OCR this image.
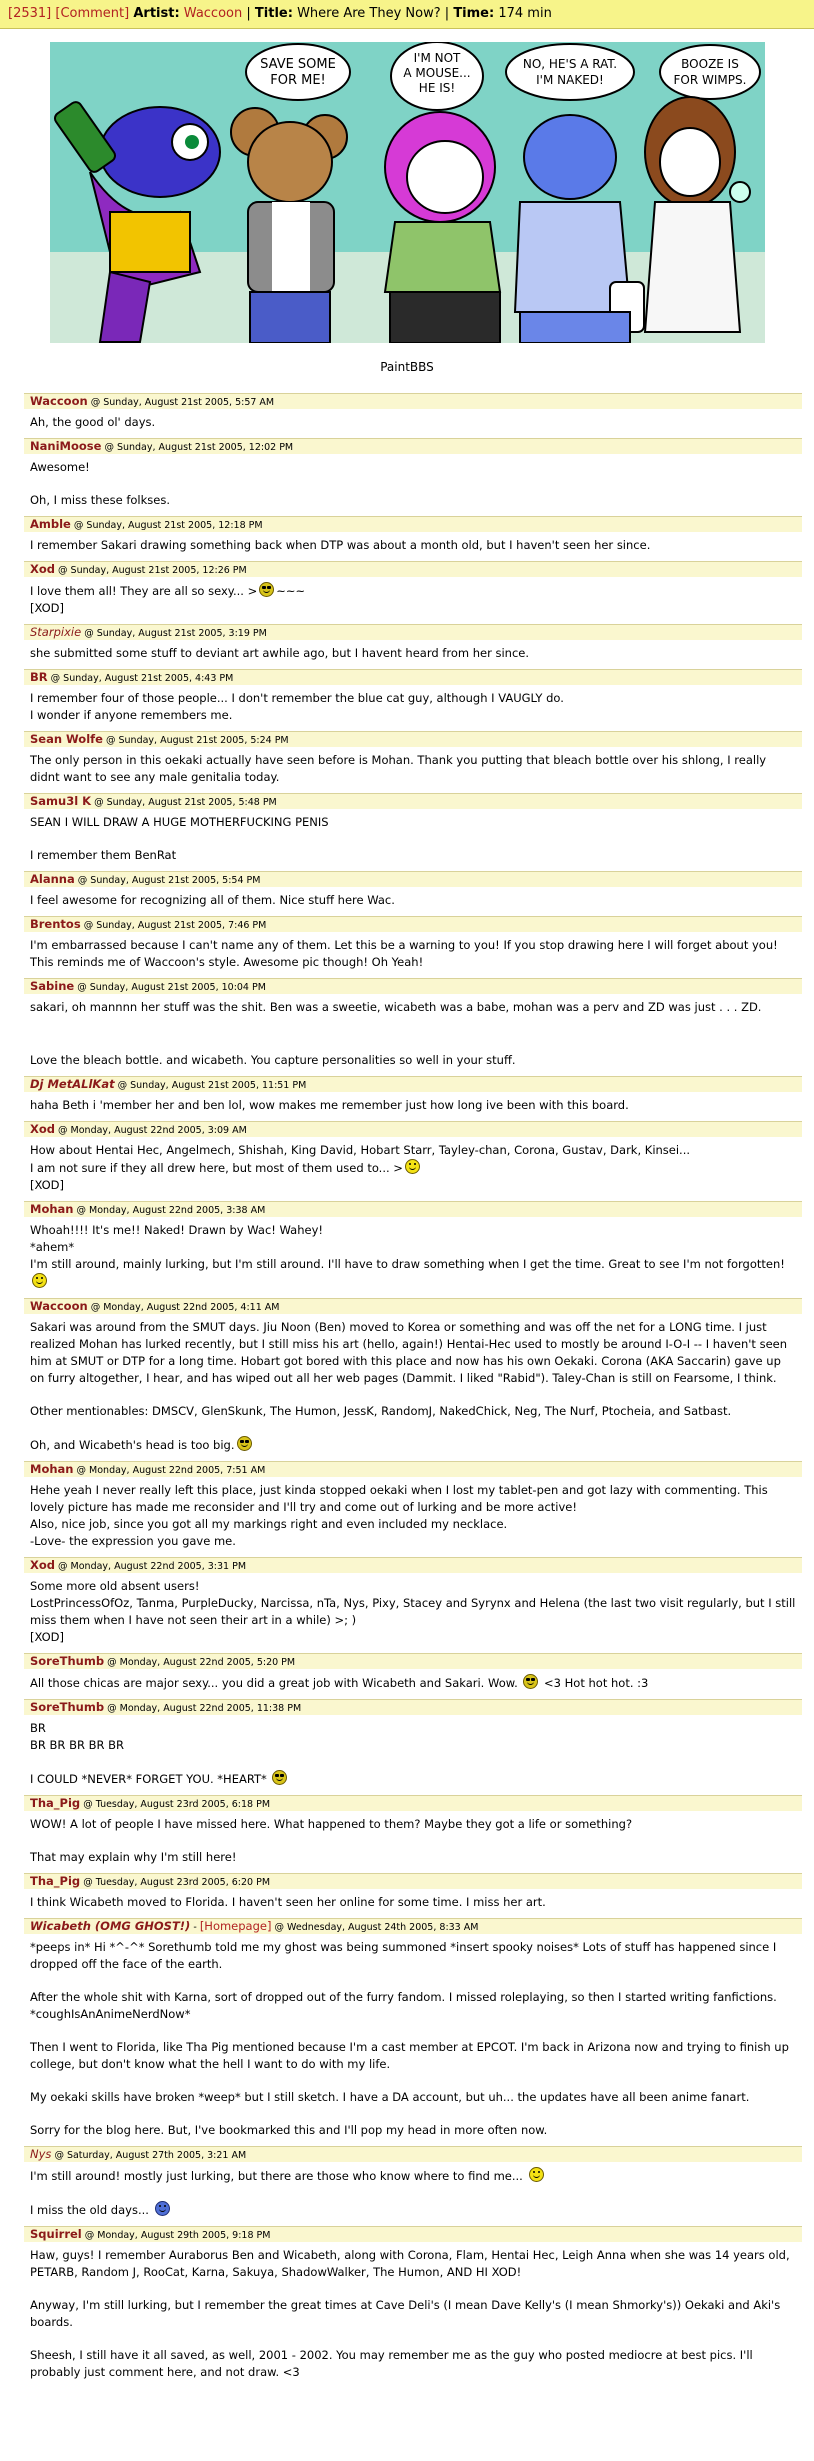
[2531] [Comment] Artist: Waccoon | Title: Where Are They Now? | Time: 174 min
SAVE SOME
FOR ME!
I'M NOT
A MOUSE...
HE IS!
NO, HE'S A RAT.
I'M NAKED!
BOOZE IS
FOR WIMPS.
PaintBBS
Waccoon @ Sunday, August 21st 2005, 5:57 AM

Ah, the good ol' days.

NaniMoose @ Sunday, August 21st 2005, 12:02 PM

Awesome!

Oh, I miss these folkses.

Amble @ Sunday, August 21st 2005, 12:18 PM

I remember Sakari drawing something back when DTP was about a month old, but I haven't seen her since.

Xod @ Sunday, August 21st 2005, 12:26 PM
I love them all! They are all so sexy... > ~~~
[XOD]
Starpixie @ Sunday, August 21st 2005, 3:19 PM

she submitted some stuff to deviant art awhile ago, but I havent heard from her since.

BR @ Sunday, August 21st 2005, 4:43 PM
I remember four of those people... I don't remember the blue cat guy, although I VAUGLY do.
I wonder if anyone remembers me.
Sean Wolfe @ Sunday, August 21st 2005, 5:24 PM

The only person in this oekaki actually have seen before is Mohan. Thank you putting that bleach bottle over his shlong, I really didnt want to see any male genitalia today.

Samu3l K @ Sunday, August 21st 2005, 5:48 PM

SEAN I WILL DRAW A HUGE MOTHERFUCKING PENIS

I remember them BenRat

Alanna @ Sunday, August 21st 2005, 5:54 PM

I feel awesome for recognizing all of them. Nice stuff here Wac.

Brentos @ Sunday, August 21st 2005, 7:46 PM
I'm embarrassed because I can't name any of them. Let this be a warning to you! If you stop drawing here I will forget about you!
This reminds me of Waccoon's style. Awesome pic though! Oh Yeah!
Sabine @ Sunday, August 21st 2005, 10:04 PM

sakari, oh mannnn her stuff was the shit. Ben was a sweetie, wicabeth was a babe, mohan was a perv and ZD was just . . . ZD.

Love the bleach bottle. and wicabeth. You capture personalities so well in your stuff.

Dj MetALlKat @ Sunday, August 21st 2005, 11:51 PM

haha Beth i 'member her and ben lol, wow makes me remember just how long ive been with this board.

Xod @ Monday, August 22nd 2005, 3:09 AM
How about Hentai Hec, Angelmech, Shishah, King David, Hobart Starr, Tayley-chan, Corona, Gustav, Dark, Kinsei...
I am not sure if they all drew here, but most of them used to... >
[XOD]
Mohan @ Monday, August 22nd 2005, 3:38 AM
Whoah!!!! It's me!! Naked! Drawn by Wac! Wahey!
*ahem*
I'm still around, mainly lurking, but I'm still around. I'll have to draw something when I get the time. Great to see I'm not forgotten!
Waccoon @ Monday, August 22nd 2005, 4:11 AM

Sakari was around from the SMUT days. Jiu Noon (Ben) moved to Korea or something and was off the net for a LONG time. I just realized Mohan has lurked recently, but I still miss his art (hello, again!) Hentai-Hec used to mostly be around I-O-I -- I haven't seen him at SMUT or DTP for a long time. Hobart got bored with this place and now has his own Oekaki. Corona (AKA Saccarin) gave up on furry altogether, I hear, and has wiped out all her web pages (Dammit. I liked "Rabid"). Taley-Chan is still on Fearsome, I think.

Other mentionables: DMSCV, GlenSkunk, The Humon, JessK, RandomJ, NakedChick, Neg, The Nurf, Ptocheia, and Satbast.

Oh, and Wicabeth's head is too big.

Mohan @ Monday, August 22nd 2005, 7:51 AM
Hehe yeah I never really left this place, just kinda stopped oekaki when I lost my tablet-pen and got lazy with commenting. This lovely picture has made me reconsider and I'll try and come out of lurking and be more active!
Also, nice job, since you got all my markings right and even included my necklace.
-Love- the expression you gave me.
Xod @ Monday, August 22nd 2005, 3:31 PM
Some more old absent users!
LostPrincessOfOz, Tanma, PurpleDucky, Narcissa, nTa, Nys, Pixy, Stacey and Syrynx and Helena (the last two visit regularly, but I still miss them when I have not seen their art in a while) >; )
[XOD]
SoreThumb @ Monday, August 22nd 2005, 5:20 PM
All those chicas are major sexy... you did a great job with Wicabeth and Sakari. Wow. <3 Hot hot hot. :3
SoreThumb @ Monday, August 22nd 2005, 11:38 PM

BR
BR BR BR BR BR

I COULD *NEVER* FORGET YOU. *HEART*

Tha_Pig @ Tuesday, August 23rd 2005, 6:18 PM

WOW! A lot of people I have missed here. What happened to them? Maybe they got a life or something?

That may explain why I'm still here!

Tha_Pig @ Tuesday, August 23rd 2005, 6:20 PM

I think Wicabeth moved to Florida. I haven't seen her online for some time. I miss her art.

Wicabeth (OMG GHOST!) - [Homepage] @ Wednesday, August 24th 2005, 8:33 AM

*peeps in* Hi *^-^* Sorethumb told me my ghost was being summoned *insert spooky noises* Lots of stuff has happened since I dropped off the face of the earth.

After the whole shit with Karna, sort of dropped out of the furry fandom. I missed roleplaying, so then I started writing fanfictions. *coughIsAnAnimeNerdNow*

Then I went to Florida, like Tha Pig mentioned because I'm a cast member at EPCOT. I'm back in Arizona now and trying to finish up college, but don't know what the hell I want to do with my life.

My oekaki skills have broken *weep* but I still sketch. I have a DA account, but uh... the updates have all been anime fanart.

Sorry for the blog here. But, I've bookmarked this and I'll pop my head in more often now.

Nys @ Saturday, August 27th 2005, 3:21 AM

I'm still around! mostly just lurking, but there are those who know where to find me...

I miss the old days...

Squirrel @ Monday, August 29th 2005, 9:18 PM

Haw, guys! I remember Auraborus Ben and Wicabeth, along with Corona, Flam, Hentai Hec, Leigh Anna when she was 14 years old, PETARB, Random J, RooCat, Karna, Sakuya, ShadowWalker, The Humon, AND HI XOD!

Anyway, I'm still lurking, but I remember the great times at Cave Deli's (I mean Dave Kelly's (I mean Shmorky's)) Oekaki and Aki's boards.

Sheesh, I still have it all saved, as well, 2001 - 2002. You may remember me as the guy who posted mediocre at best pics. I'll probably just comment here, and not draw. <3
